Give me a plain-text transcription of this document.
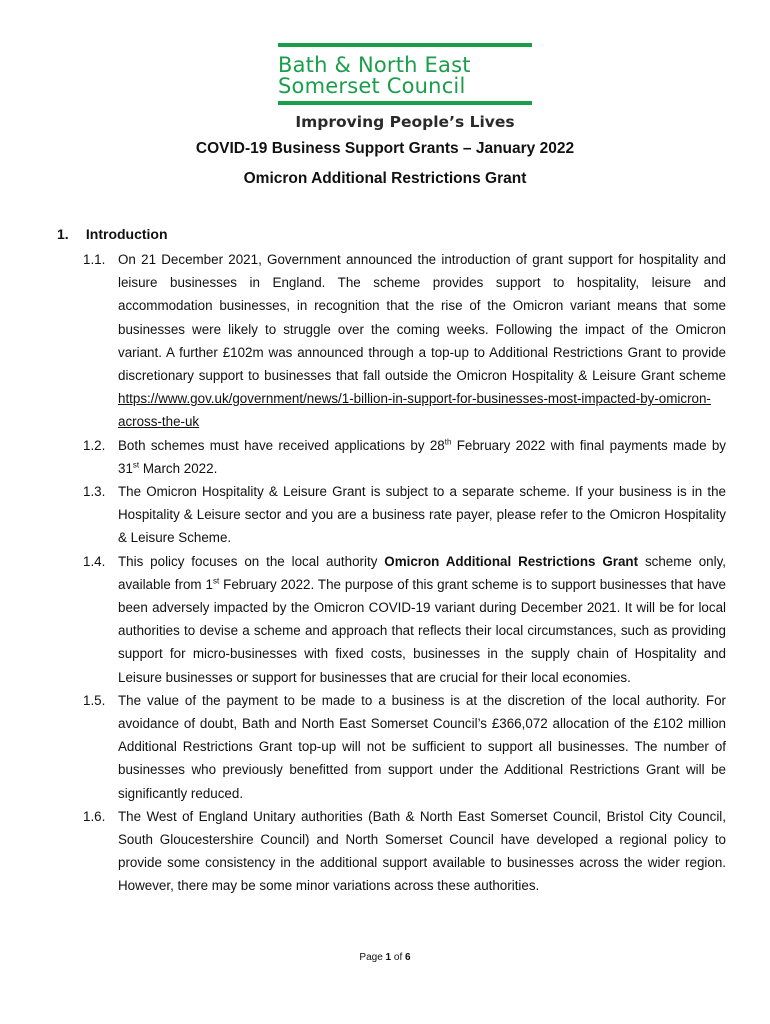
Bath & North East
Somerset Council
Improving People’s Lives
COVID-19 Business Support Grants – January 2022
Omicron Additional Restrictions Grant
1. Introduction
1.1. On 21 December 2021, Government announced the introduction of grant support for hospitality and leisure businesses in England. The scheme provides support to hospitality, leisure and accommodation businesses, in recognition that the rise of the Omicron variant means that some businesses were likely to struggle over the coming weeks. Following the impact of the Omicron variant. A further £102m was announced through a top-up to Additional Restrictions Grant to provide discretionary support to businesses that fall outside the Omicron Hospitality & Leisure Grant scheme https://www.gov.uk/government/news/1-billion-in-support-for-businesses-most-impacted-by-omicron-across-the-uk
1.2. Both schemes must have received applications by 28th February 2022 with final payments made by 31st March 2022.
1.3. The Omicron Hospitality & Leisure Grant is subject to a separate scheme. If your business is in the Hospitality & Leisure sector and you are a business rate payer, please refer to the Omicron Hospitality & Leisure Scheme.
1.4. This policy focuses on the local authority Omicron Additional Restrictions Grant scheme only, available from 1st February 2022. The purpose of this grant scheme is to support businesses that have been adversely impacted by the Omicron COVID-19 variant during December 2021. It will be for local authorities to devise a scheme and approach that reflects their local circumstances, such as providing support for micro-businesses with fixed costs, businesses in the supply chain of Hospitality and Leisure businesses or support for businesses that are crucial for their local economies.
1.5. The value of the payment to be made to a business is at the discretion of the local authority. For avoidance of doubt, Bath and North East Somerset Council’s £366,072 allocation of the £102 million Additional Restrictions Grant top-up will not be sufficient to support all businesses. The number of businesses who previously benefitted from support under the Additional Restrictions Grant will be significantly reduced.
1.6. The West of England Unitary authorities (Bath & North East Somerset Council, Bristol City Council, South Gloucestershire Council) and North Somerset Council have developed a regional policy to provide some consistency in the additional support available to businesses across the wider region. However, there may be some minor variations across these authorities.
Page 1 of 6
